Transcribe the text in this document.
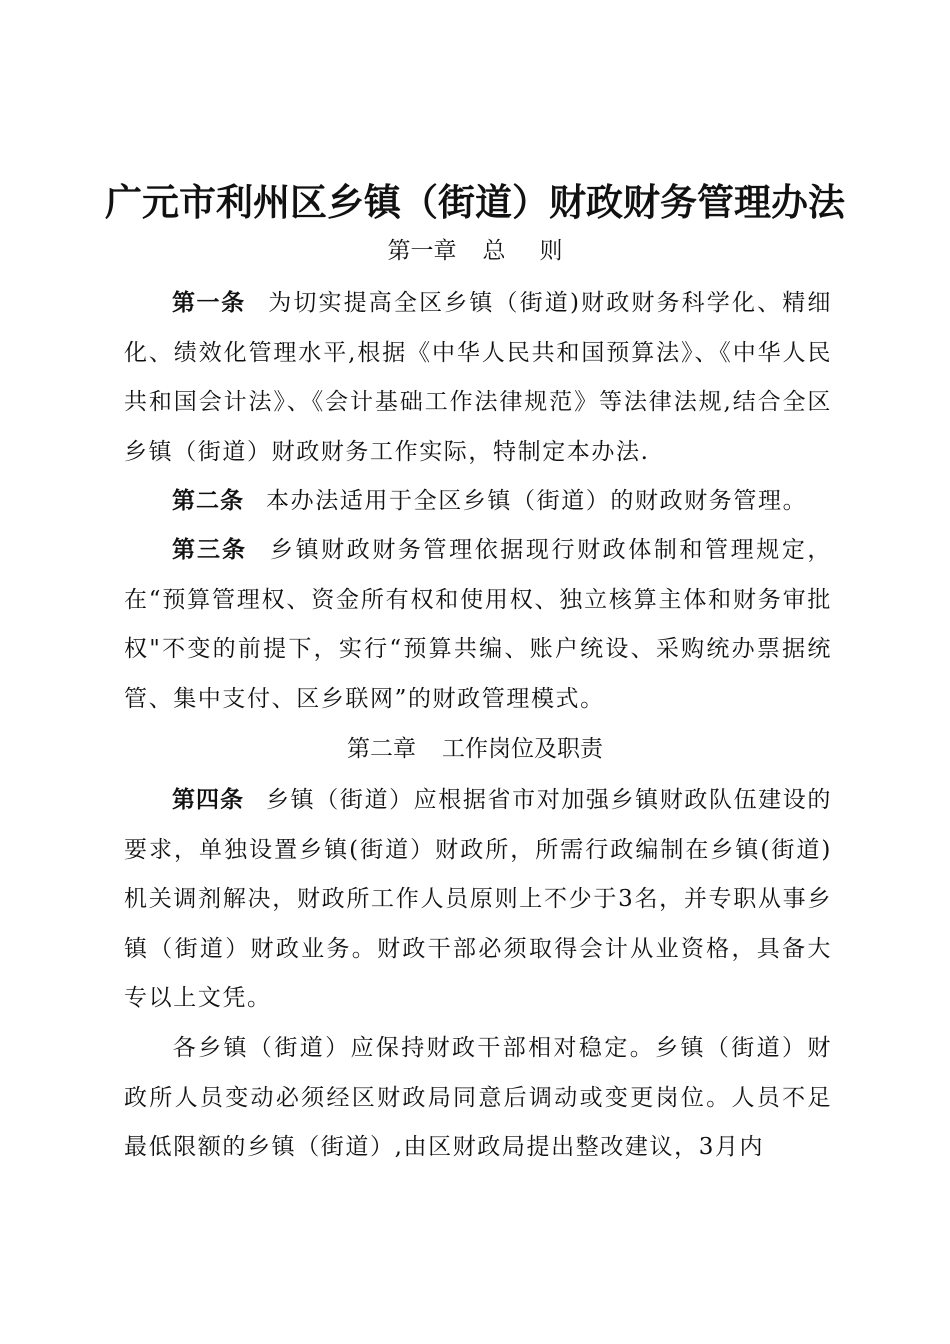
广元市利州区乡镇（街道）财政财务管理办法
第一章 总 则

第一条 为切实提高全区乡镇（街道)财政财务科学化、精细化、绩效化管理水平,根据《中华人民共和国预算法》、《中华人民共和国会计法》、《会计基础工作法律规范》等法律法规,结合全区乡镇（街道）财政财务工作实际，特制定本办法.

第二条 本办法适用于全区乡镇（街道）的财政财务管理。

第三条 乡镇财政财务管理依据现行财政体制和管理规定，在“预算管理权、资金所有权和使用权、独立核算主体和财务审批权"不变的前提下，实行“预算共编、账户统设、采购统办票据统管、集中支付、区乡联网”的财政管理模式。

第二章 工作岗位及职责

第四条 乡镇（街道）应根据省市对加强乡镇财政队伍建设的要求，单独设置乡镇(街道）财政所，所需行政编制在乡镇(街道)机关调剂解决，财政所工作人员原则上不少于3名，并专职从事乡镇（街道）财政业务。财政干部必须取得会计从业资格，具备大专以上文凭。

各乡镇（街道）应保持财政干部相对稳定。乡镇（街道）财政所人员变动必须经区财政局同意后调动或变更岗位。人员不足最低限额的乡镇（街道）,由区财政局提出整改建议，3月内
